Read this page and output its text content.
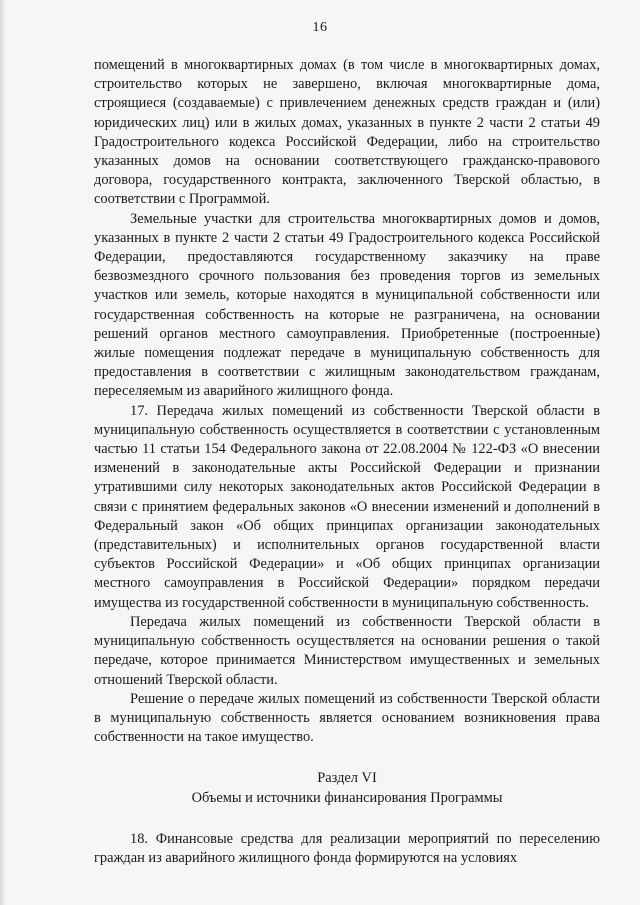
16

помещений в многоквартирных домах (в том числе в многоквартирных домах, строительство которых не завершено, включая многоквартирные дома, строящиеся (создаваемые) с привлечением денежных средств граждан и (или) юридических лиц) или в жилых домах, указанных в пункте 2 части 2 статьи 49 Градостроительного кодекса Российской Федерации, либо на строительство указанных домов на основании соответствующего гражданско-правового договора, государственного контракта, заключенного Тверской областью, в соответствии с Программой.

Земельные участки для строительства многоквартирных домов и домов, указанных в пункте 2 части 2 статьи 49 Градостроительного кодекса Российской Федерации, предоставляются государственному заказчику на праве безвозмездного срочного пользования без проведения торгов из земельных участков или земель, которые находятся в муниципальной собственности или государственная собственность на которые не разграничена, на основании решений органов местного самоуправления. Приобретенные (построенные) жилые помещения подлежат передаче в муниципальную собственность для предоставления в соответствии с жилищным законодательством гражданам, переселяемым из аварийного жилищного фонда.

17. Передача жилых помещений из собственности Тверской области в муниципальную собственность осуществляется в соответствии с установленным частью 11 статьи 154 Федерального закона от 22.08.2004 № 122-ФЗ «О внесении изменений в законодательные акты Российской Федерации и признании утратившими силу некоторых законодательных актов Российской Федерации в связи с принятием федеральных законов «О внесении изменений и дополнений в Федеральный закон «Об общих принципах организации законодательных (представительных) и исполнительных органов государственной власти субъектов Российской Федерации» и «Об общих принципах организации местного самоуправления в Российской Федерации» порядком передачи имущества из государственной собственности в муниципальную собственность.

Передача жилых помещений из собственности Тверской области в муниципальную собственность осуществляется на основании решения о такой передаче, которое принимается Министерством имущественных и земельных отношений Тверской области.

Решение о передаче жилых помещений из собственности Тверской области в муниципальную собственность является основанием возникновения права собственности на такое имущество.

Раздел VI

Объемы и источники финансирования Программы

18. Финансовые средства для реализации мероприятий по переселению граждан из аварийного жилищного фонда формируются на условиях
